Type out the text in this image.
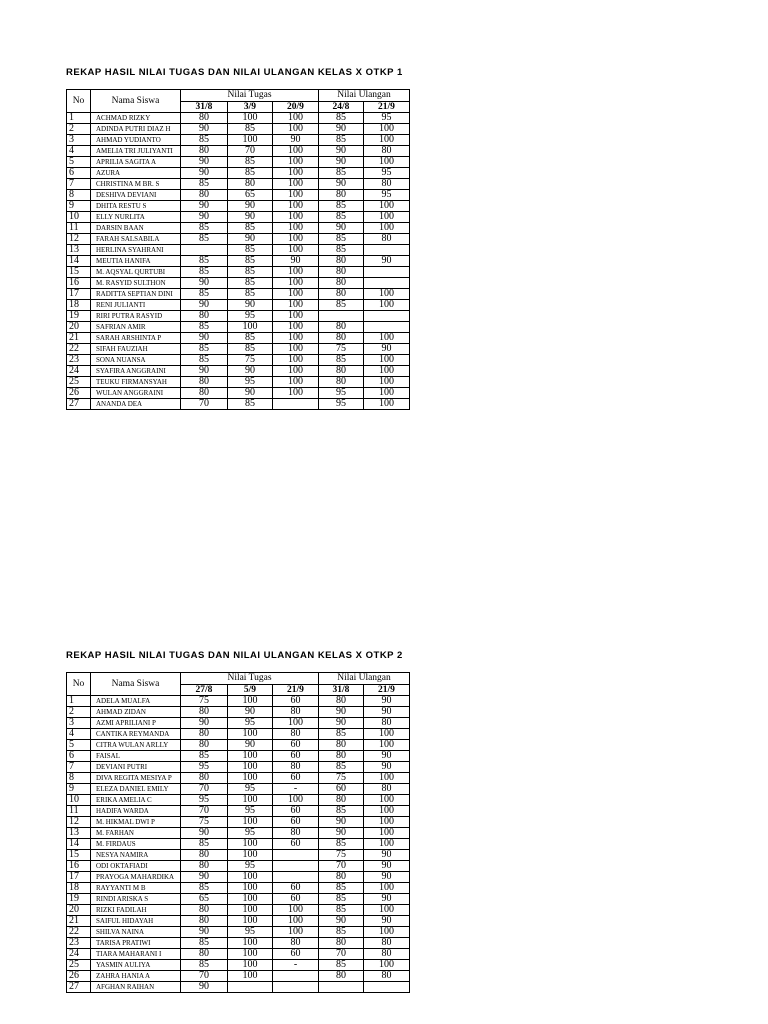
REKAP HASIL NILAI TUGAS DAN NILAI ULANGAN KELAS X OTKP 1
No	Nama Siswa	Nilai Tugas			Nilai Ulangan	
		31/8	3/9	20/9	24/8	21/9
1	ACHMAD RIZKY	80	100	100	85	95
2	ADINDA PUTRI DIAZ H	90	85	100	90	100
3	AHMAD YUDIANTO	85	100	90	85	100
4	AMELIA TRI JULIYANTI	80	70	100	90	80
5	APRILIA SAGITA A	90	85	100	90	100
6	AZURA	90	85	100	85	95
7	CHRISTINA M BR. S	85	80	100	90	80
8	DESHIVA DEVIANI	80	65	100	80	95
9	DHITA RESTU S	90	90	100	85	100
10	ELLY NURLITA	90	90	100	85	100
11	DARSIN BAAN	85	85	100	90	100
12	FARAH SALSABILA	85	90	100	85	80
13	HERLINA SYAHRANI		85	100	85	
14	MEUTIA HANIFA	85	85	90	80	90
15	M. AQSYAL QURTUBI	85	85	100	80	
16	M. RASYID SULTHON	90	85	100	80	
17	RADITTA SEPTIAN DINI	85	85	100	80	100
18	RENI JULIANTI	90	90	100	85	100
19	RIRI PUTRA RASYID	80	95	100		
20	SAFRIAN AMIR	85	100	100	80	
21	SARAH ARSHINTA P	90	85	100	80	100
22	SIFAH FAUZIAH	85	85	100	75	90
23	SONA NUANSA	85	75	100	85	100
24	SYAFIRA ANGGRAINI	90	90	100	80	100
25	TEUKU FIRMANSYAH	80	95	100	80	100
26	WULAN ANGGRAINI	80	90	100	95	100
27	ANANDA DEA	70	85		95	100
REKAP HASIL NILAI TUGAS DAN NILAI ULANGAN KELAS X OTKP 2
No	Nama Siswa	Nilai Tugas			Nilai Ulangan	
		27/8	5/9	21/9	31/8	21/9
1	ADELA MUALFA	75	100	60	80	90
2	AHMAD ZIDAN	80	90	80	90	90
3	AZMI APRILIANI P	90	95	100	90	80
4	CANTIKA REYMANDA	80	100	80	85	100
5	CITRA WULAN ARLLY	80	90	60	80	100
6	FAISAL	85	100	60	80	90
7	DEVIANI PUTRI	95	100	80	85	90
8	DIVA REGITA MESIYA P	80	100	60	75	100
9	ELEZA DANIEL EMILY	70	95	-	60	80
10	ERIKA AMELIA C	95	100	100	80	100
11	HADIFA WARDA	70	95	60	85	100
12	M. HIKMAL DWI P	75	100	60	90	100
13	M. FARHAN	90	95	80	90	100
14	M. FIRDAUS	85	100	60	85	100
15	NESYA NAMIRA	80	100		75	90
16	ODI OKTAFIADI	80	95		70	90
17	PRAYOGA MAHARDIKA	90	100		80	90
18	RAYYANTI M B	85	100	60	85	100
19	RINDI ARISKA S	65	100	60	85	90
20	RIZKI FADILAH	80	100	100	85	100
21	SAIFUL HIDAYAH	80	100	100	90	90
22	SHILVA NAINA	90	95	100	85	100
23	TARISA PRATIWI	85	100	80	80	80
24	TIARA MAHARANI I	80	100	60	70	80
25	YASMIN AULIYA	85	100	-	85	100
26	ZAHRA HANIA A	70	100		80	80
27	AFGHAN RAIHAN	90				
